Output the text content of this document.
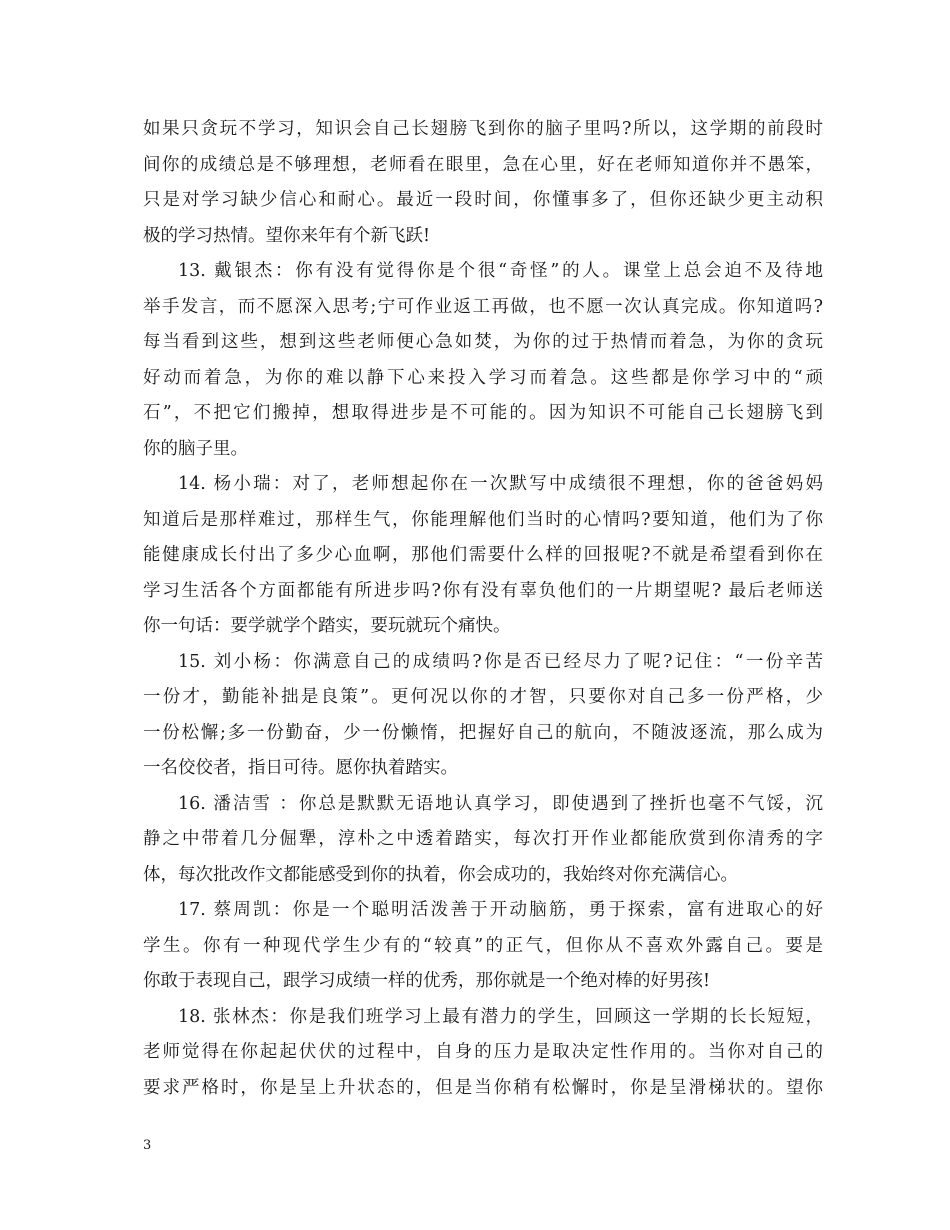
如果只贪玩不学习，知识会自己长翅膀飞到你的脑子里吗?所以，这学期的前段时
间你的成绩总是不够理想，老师看在眼里，急在心里，好在老师知道你并不愚笨，
只是对学习缺少信心和耐心。最近一段时间，你懂事多了，但你还缺少更主动积
极的学习热情。望你来年有个新飞跃!
13. 戴银杰：你有没有觉得你是个很“奇怪”的人。课堂上总会迫不及待地
举手发言，而不愿深入思考;宁可作业返工再做，也不愿一次认真完成。你知道吗?
每当看到这些，想到这些老师便心急如焚，为你的过于热情而着急，为你的贪玩
好动而着急，为你的难以静下心来投入学习而着急。这些都是你学习中的“顽
石”，不把它们搬掉，想取得进步是不可能的。因为知识不可能自己长翅膀飞到
你的脑子里。
14. 杨小瑞：对了，老师想起你在一次默写中成绩很不理想，你的爸爸妈妈
知道后是那样难过，那样生气，你能理解他们当时的心情吗?要知道，他们为了你
能健康成长付出了多少心血啊，那他们需要什么样的回报呢?不就是希望看到你在
学习生活各个方面都能有所进步吗?你有没有辜负他们的一片期望呢? 最后老师送
你一句话：要学就学个踏实，要玩就玩个痛快。
15. 刘小杨：你满意自己的成绩吗?你是否已经尽力了呢?记住：“一份辛苦
一份才，勤能补拙是良策”。更何况以你的才智，只要你对自己多一份严格，少
一份松懈;多一份勤奋，少一份懒惰，把握好自己的航向，不随波逐流，那么成为
一名佼佼者，指日可待。愿你执着踏实。
16. 潘洁雪 ：你总是默默无语地认真学习，即使遇到了挫折也毫不气馁，沉
静之中带着几分倔犟，淳朴之中透着踏实，每次打开作业都能欣赏到你清秀的字
体，每次批改作文都能感受到你的执着，你会成功的，我始终对你充满信心。
17. 蔡周凯：你是一个聪明活泼善于开动脑筋，勇于探索，富有进取心的好
学生。你有一种现代学生少有的“较真”的正气，但你从不喜欢外露自己。要是
你敢于表现自己，跟学习成绩一样的优秀，那你就是一个绝对棒的好男孩!
18. 张林杰：你是我们班学习上最有潜力的学生，回顾这一学期的长长短短，
老师觉得在你起起伏伏的过程中，自身的压力是取决定性作用的。当你对自己的
要求严格时，你是呈上升状态的，但是当你稍有松懈时，你是呈滑梯状的。望你
3
